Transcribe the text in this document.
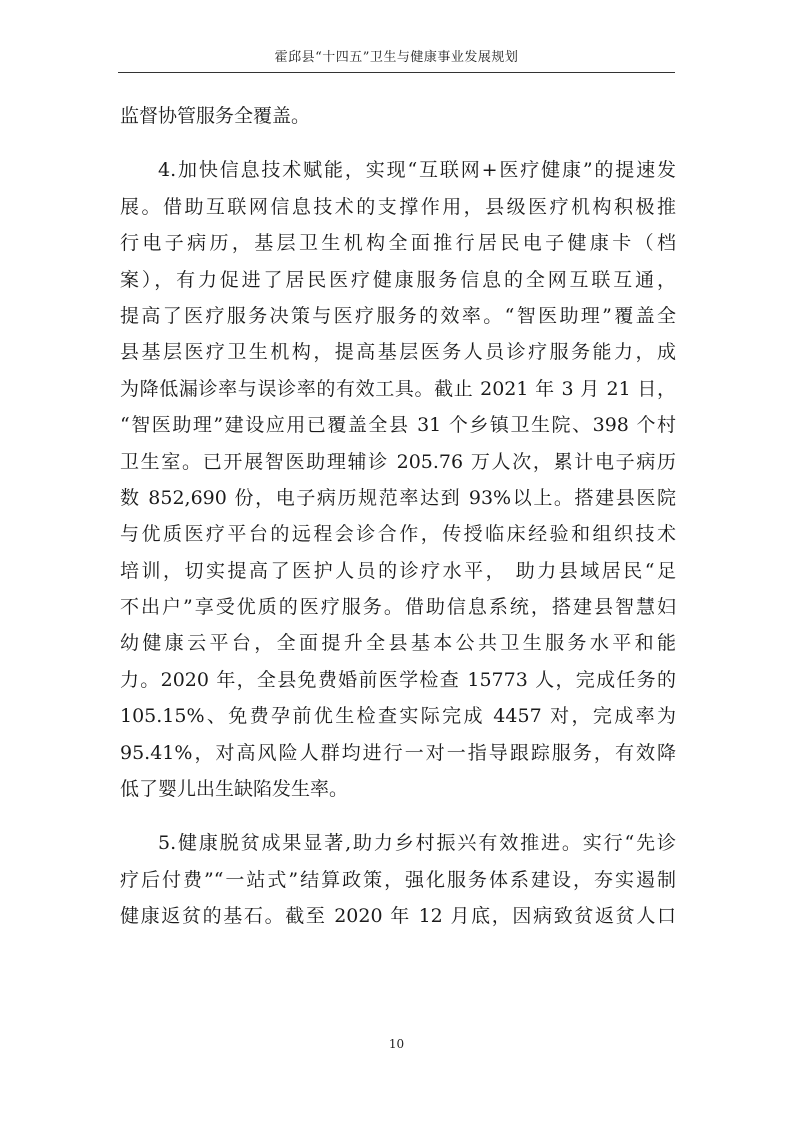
霍邱县“十四五”卫生与健康事业发展规划
监督协管服务全覆盖。
4.加快信息技术赋能，实现“互联网+医疗健康”的提速发
展。借助互联网信息技术的支撑作用，县级医疗机构积极推
行电子病历，基层卫生机构全面推行居民电子健康卡（档
案），有力促进了居民医疗健康服务信息的全网互联互通，
提高了医疗服务决策与医疗服务的效率。“智医助理”覆盖全
县基层医疗卫生机构，提高基层医务人员诊疗服务能力，成
为降低漏诊率与误诊率的有效工具。截止 2021 年 3 月 21 日，
“智医助理”建设应用已覆盖全县 31 个乡镇卫生院、398 个村
卫生室。已开展智医助理辅诊 205.76 万人次，累计电子病历
数 852,690 份，电子病历规范率达到 93%以上。搭建县医院
与优质医疗平台的远程会诊合作，传授临床经验和组织技术
培训，切实提高了医护人员的诊疗水平， 助力县域居民“足
不出户”享受优质的医疗服务。借助信息系统，搭建县智慧妇
幼健康云平台，全面提升全县基本公共卫生服务水平和能
力。2020 年，全县免费婚前医学检查 15773 人，完成任务的
105.15%、免费孕前优生检查实际完成 4457 对，完成率为
95.41%，对高风险人群均进行一对一指导跟踪服务，有效降
低了婴儿出生缺陷发生率。
5.健康脱贫成果显著,助力乡村振兴有效推进。实行“先诊
疗后付费”“一站式”结算政策，强化服务体系建设，夯实遏制
健康返贫的基石。截至 2020 年 12 月底，因病致贫返贫人口
10
